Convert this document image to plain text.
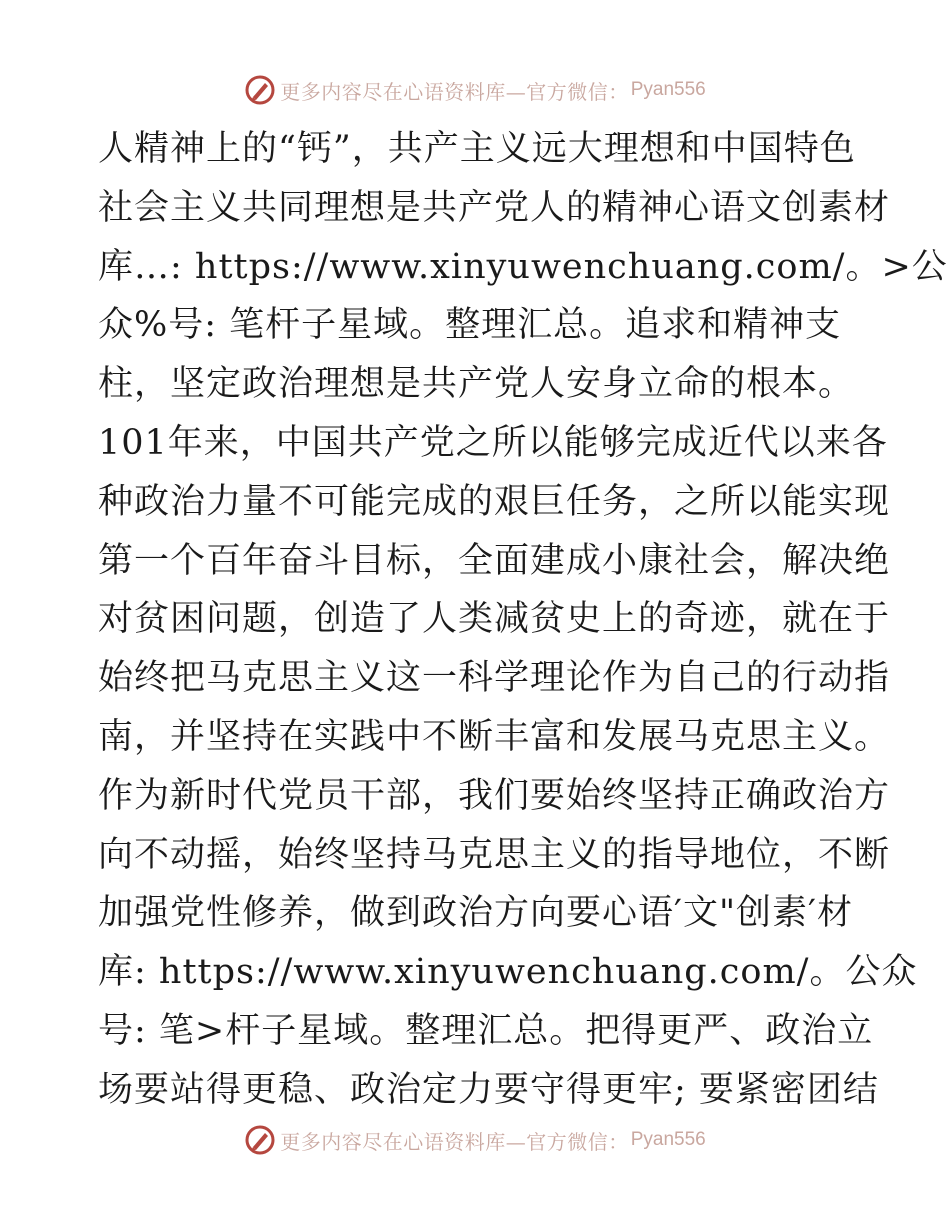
更多内容尽在心语资料库—官方微信： Pyan556
人精神上的“钙”，共产主义远大理想和中国特色
社会主义共同理想是共产党人的精神心语文创素材
库…: https://www.xinyuwenchuang.com/。>公
众%号: 笔杆子星域。整理汇总。追求和精神支
柱，坚定政治理想是共产党人安身立命的根本。
101年来，中国共产党之所以能够完成近代以来各
种政治力量不可能完成的艰巨任务，之所以能实现
第一个百年奋斗目标，全面建成小康社会，解决绝
对贫困问题，创造了人类减贫史上的奇迹，就在于
始终把马克思主义这一科学理论作为自己的行动指
南，并坚持在实践中不断丰富和发展马克思主义。
作为新时代党员干部，我们要始终坚持正确政治方
向不动摇，始终坚持马克思主义的指导地位，不断
加强党性修养，做到政治方向要心语′文"创素′材
库: https://www.xinyuwenchuang.com/。公众
号: 笔>杆子星域。整理汇总。把得更严、政治立
场要站得更稳、政治定力要守得更牢; 要紧密团结
更多内容尽在心语资料库—官方微信： Pyan556
